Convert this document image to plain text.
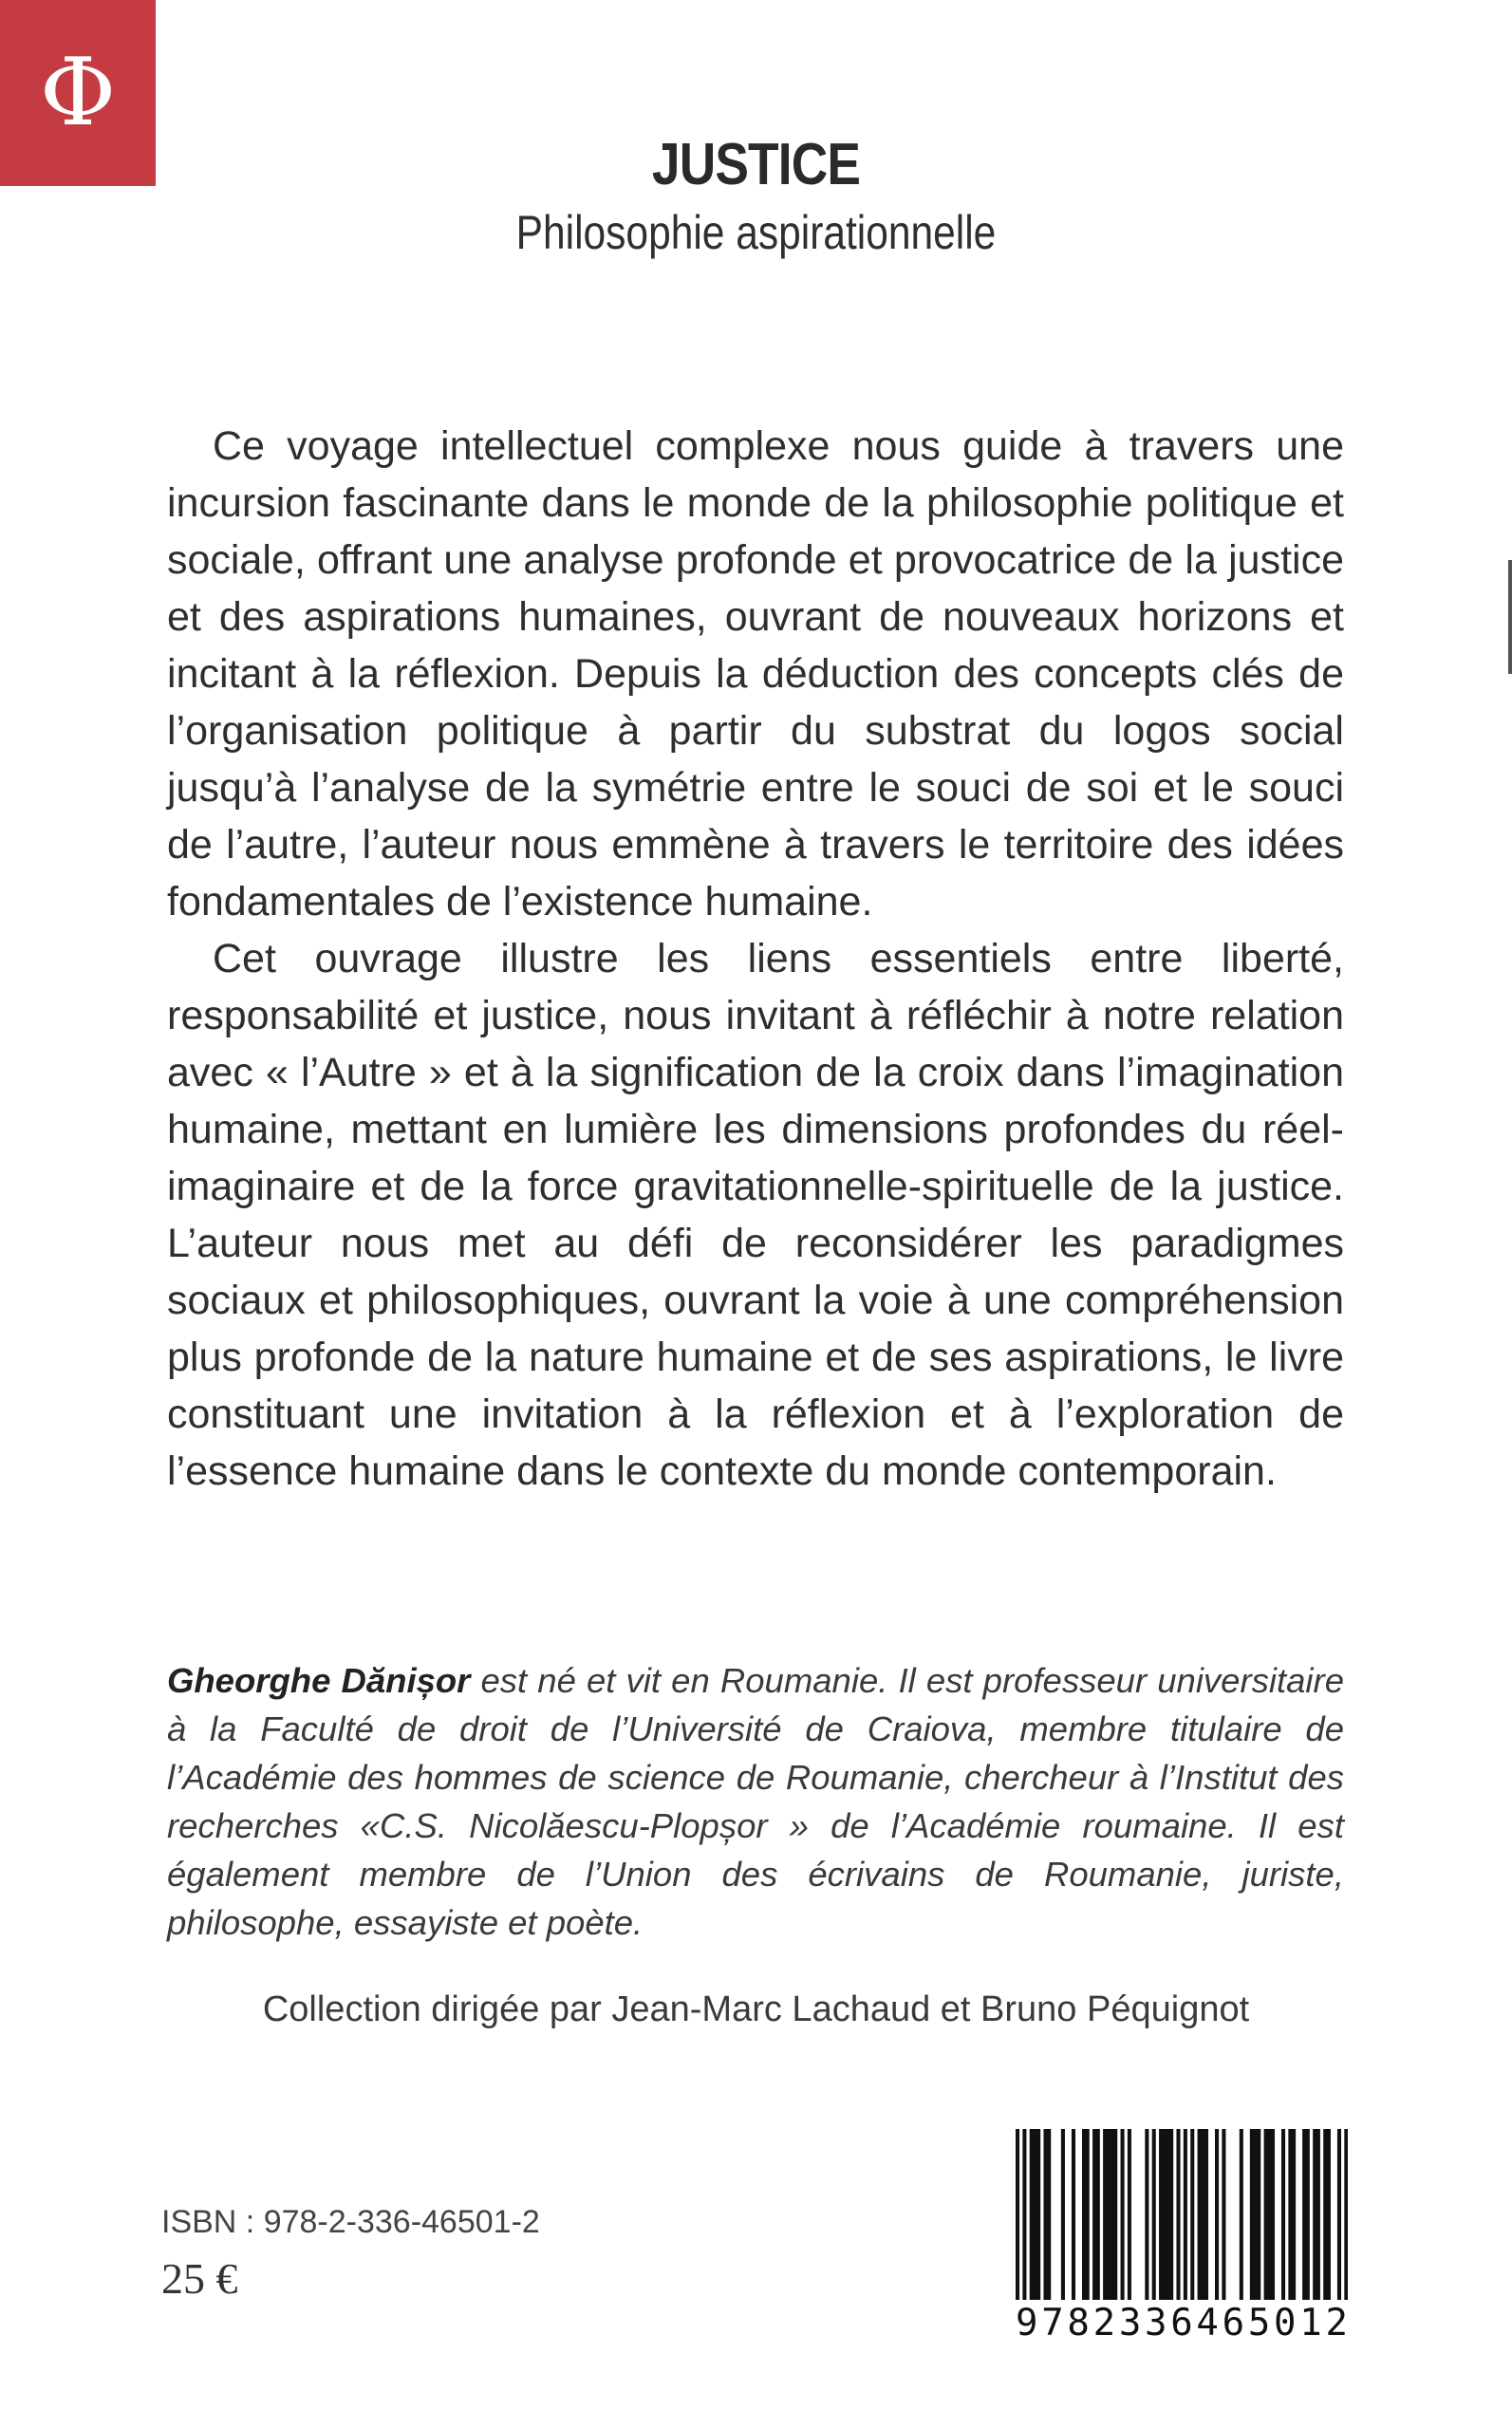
Φ
JUSTICE
Philosophie aspirationnelle

Ce voyage intellectuel complexe nous guide à travers une incursion fascinante dans le monde de la philosophie politique et sociale, offrant une analyse profonde et provocatrice de la justice et des aspirations humaines, ouvrant de nouveaux horizons et incitant à la réflexion. Depuis la déduction des concepts clés de l’organisation politique à partir du substrat du logos social jusqu’à l’analyse de la symétrie entre le souci de soi et le souci de l’autre, l’auteur nous emmène à travers le territoire des idées fondamentales de l’existence humaine.

Cet ouvrage illustre les liens essentiels entre liberté, responsabilité et justice, nous invitant à réfléchir à notre relation avec « l’Autre » et à la signification de la croix dans l’imagination humaine, mettant en lumière les dimensions profondes du réel-imaginaire et de la force gravitationnelle-spirituelle de la justice. L’auteur nous met au défi de reconsidérer les paradigmes sociaux et philosophiques, ouvrant la voie à une compréhension plus profonde de la nature humaine et de ses aspirations, le livre constituant une invitation à la réflexion et à l’exploration de l’essence humaine dans le contexte du monde contemporain.

Gheorghe Dănișor est né et vit en Roumanie. Il est professeur universitaire à la Faculté de droit de l’Université de Craiova, membre titulaire de l’Académie des hommes de science de Roumanie, chercheur à l’Institut des recherches «C.S. Nicolăescu-Plopșor » de l’Académie roumaine. Il est également membre de l’Union des écrivains de Roumanie, juriste, philosophe, essayiste et poète.
Collection dirigée par Jean-Marc Lachaud et Bruno Péquignot
ISBN : 978-2-336-46501-2
25 €
9 7 8 2 3 3 6 4 6 5 0 1 2
